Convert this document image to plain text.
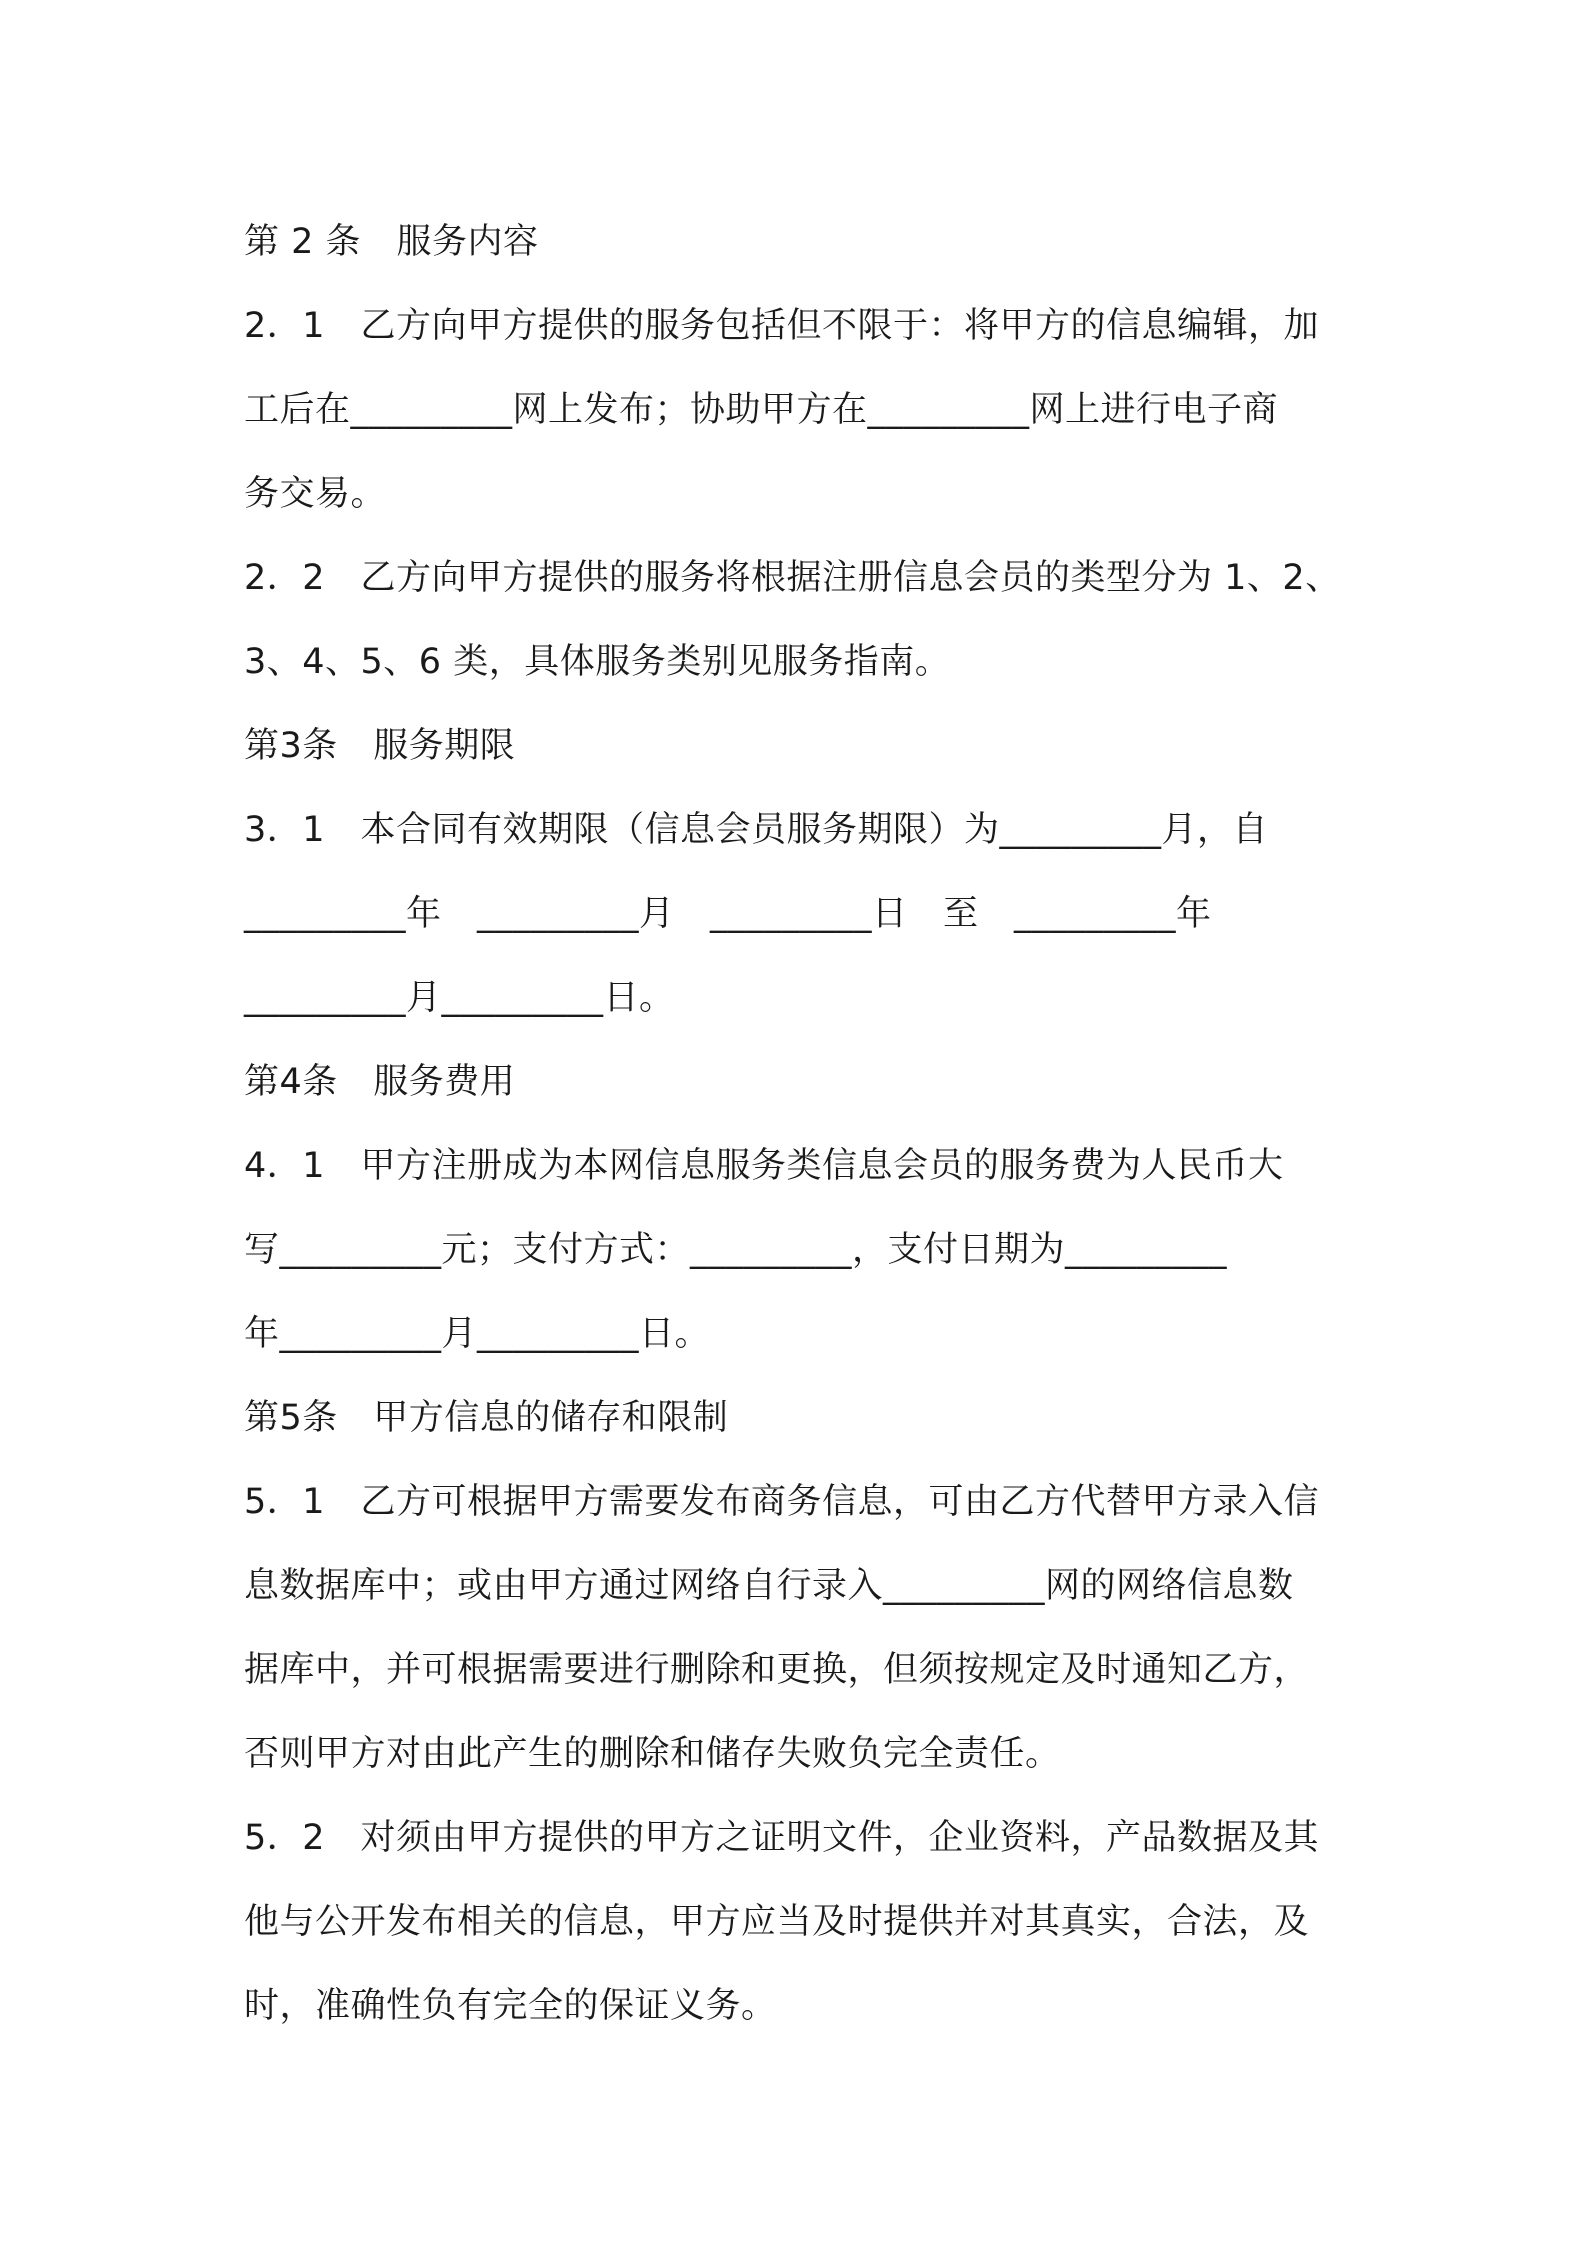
第 2 条　服务内容
2．1　乙方向甲方提供的服务包括但不限于：将甲方的信息编辑，加
工后在_________网上发布；协助甲方在_________网上进行电子商
务交易。
2．2　乙方向甲方提供的服务将根据注册信息会员的类型分为 1、2、
3、4、5、6 类，具体服务类别见服务指南。
第3条　服务期限
3．1　本合同有效期限（信息会员服务期限）为_________月，自
_________年　_________月　_________日　至　_________年
_________月_________日。
第4条　服务费用
4．1　甲方注册成为本网信息服务类信息会员的服务费为人民币大
写_________元；支付方式：_________，支付日期为_________
年_________月_________日。
第5条　甲方信息的储存和限制
5．1　乙方可根据甲方需要发布商务信息，可由乙方代替甲方录入信
息数据库中；或由甲方通过网络自行录入_________网的网络信息数
据库中，并可根据需要进行删除和更换，但须按规定及时通知乙方，
否则甲方对由此产生的删除和储存失败负完全责任。
5．2　对须由甲方提供的甲方之证明文件，企业资料，产品数据及其
他与公开发布相关的信息，甲方应当及时提供并对其真实，合法，及
时，准确性负有完全的保证义务。
